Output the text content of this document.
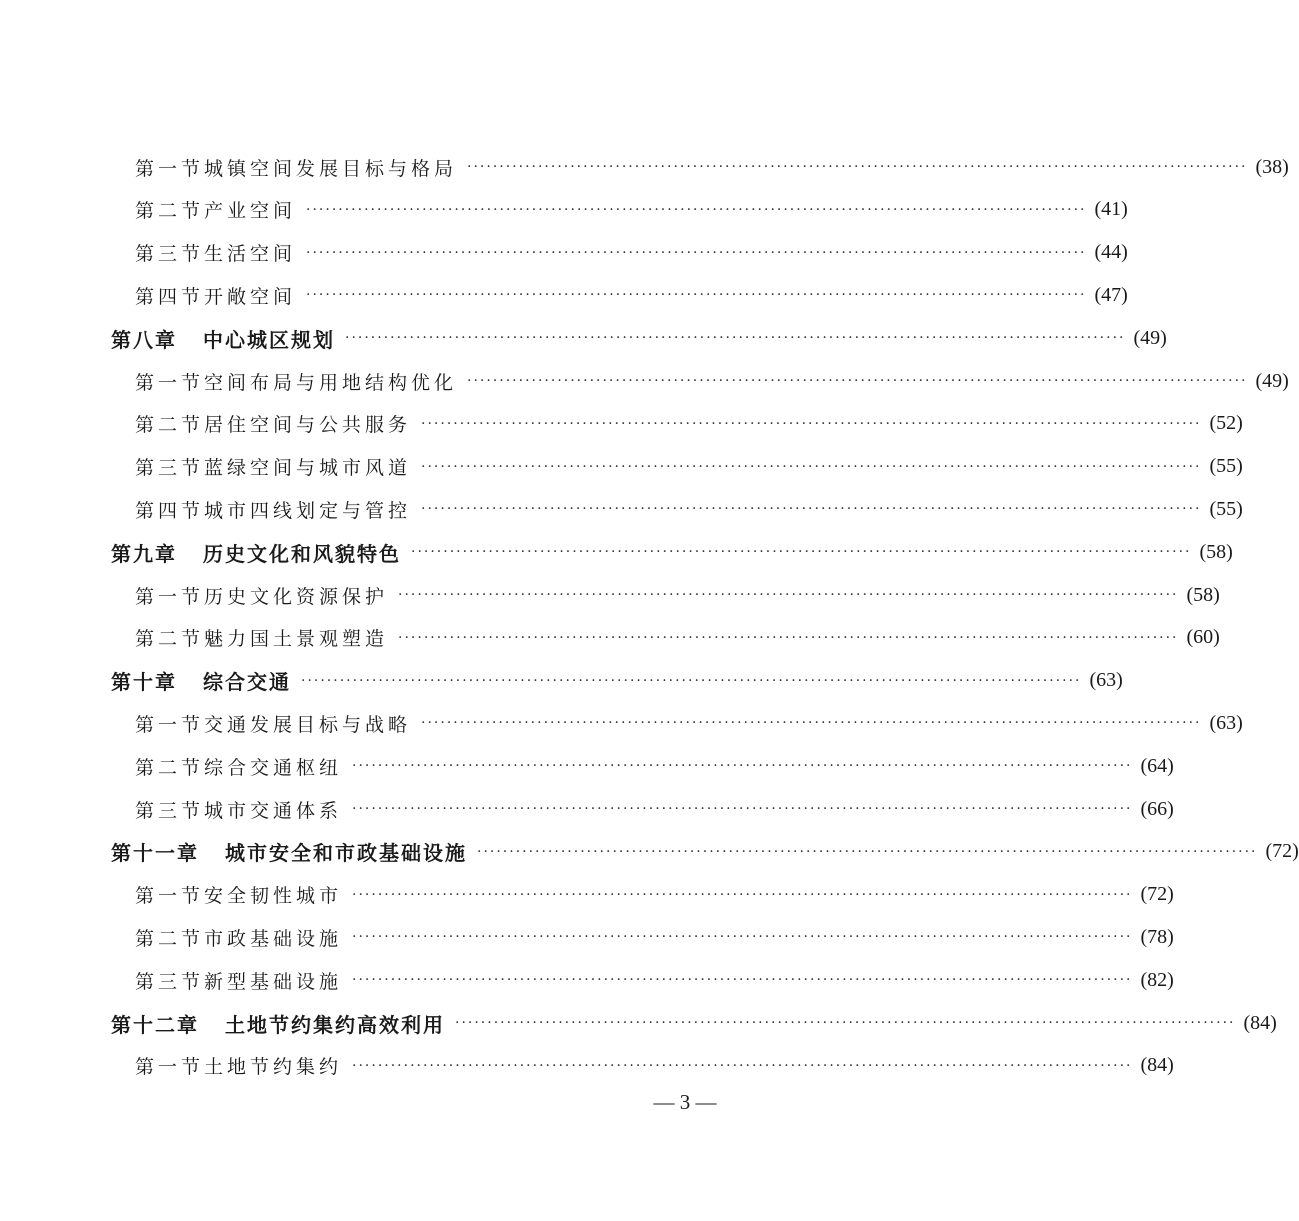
第一节 城镇空间发展目标与格局 ·····	(38)
第二节 产业空间 ·····	(41)
第三节 生活空间 ·····	(44)
第四节 开敞空间 ·····	(47)
第八章 中心城区规划 ·····	(49)
第一节 空间布局与用地结构优化 ·····	(49)
第二节 居住空间与公共服务 ·····	(52)
第三节 蓝绿空间与城市风道 ·····	(55)
第四节 城市四线划定与管控 ·····	(55)
第九章 历史文化和风貌特色 ·····	(58)
第一节 历史文化资源保护 ·····	(58)
第二节 魅力国土景观塑造 ·····	(60)
第十章 综合交通 ·····	(63)
第一节 交通发展目标与战略 ·····	(63)
第二节 综合交通枢纽 ·····	(64)
第三节 城市交通体系 ·····	(66)
第十一章 城市安全和市政基础设施 ·····	(72)
第一节 安全韧性城市 ·····	(72)
第二节 市政基础设施 ·····	(78)
第三节 新型基础设施 ·····	(82)
第十二章 土地节约集约高效利用 ·····	(84)
第一节 土地节约集约 ·····	(84)
— 3 —
